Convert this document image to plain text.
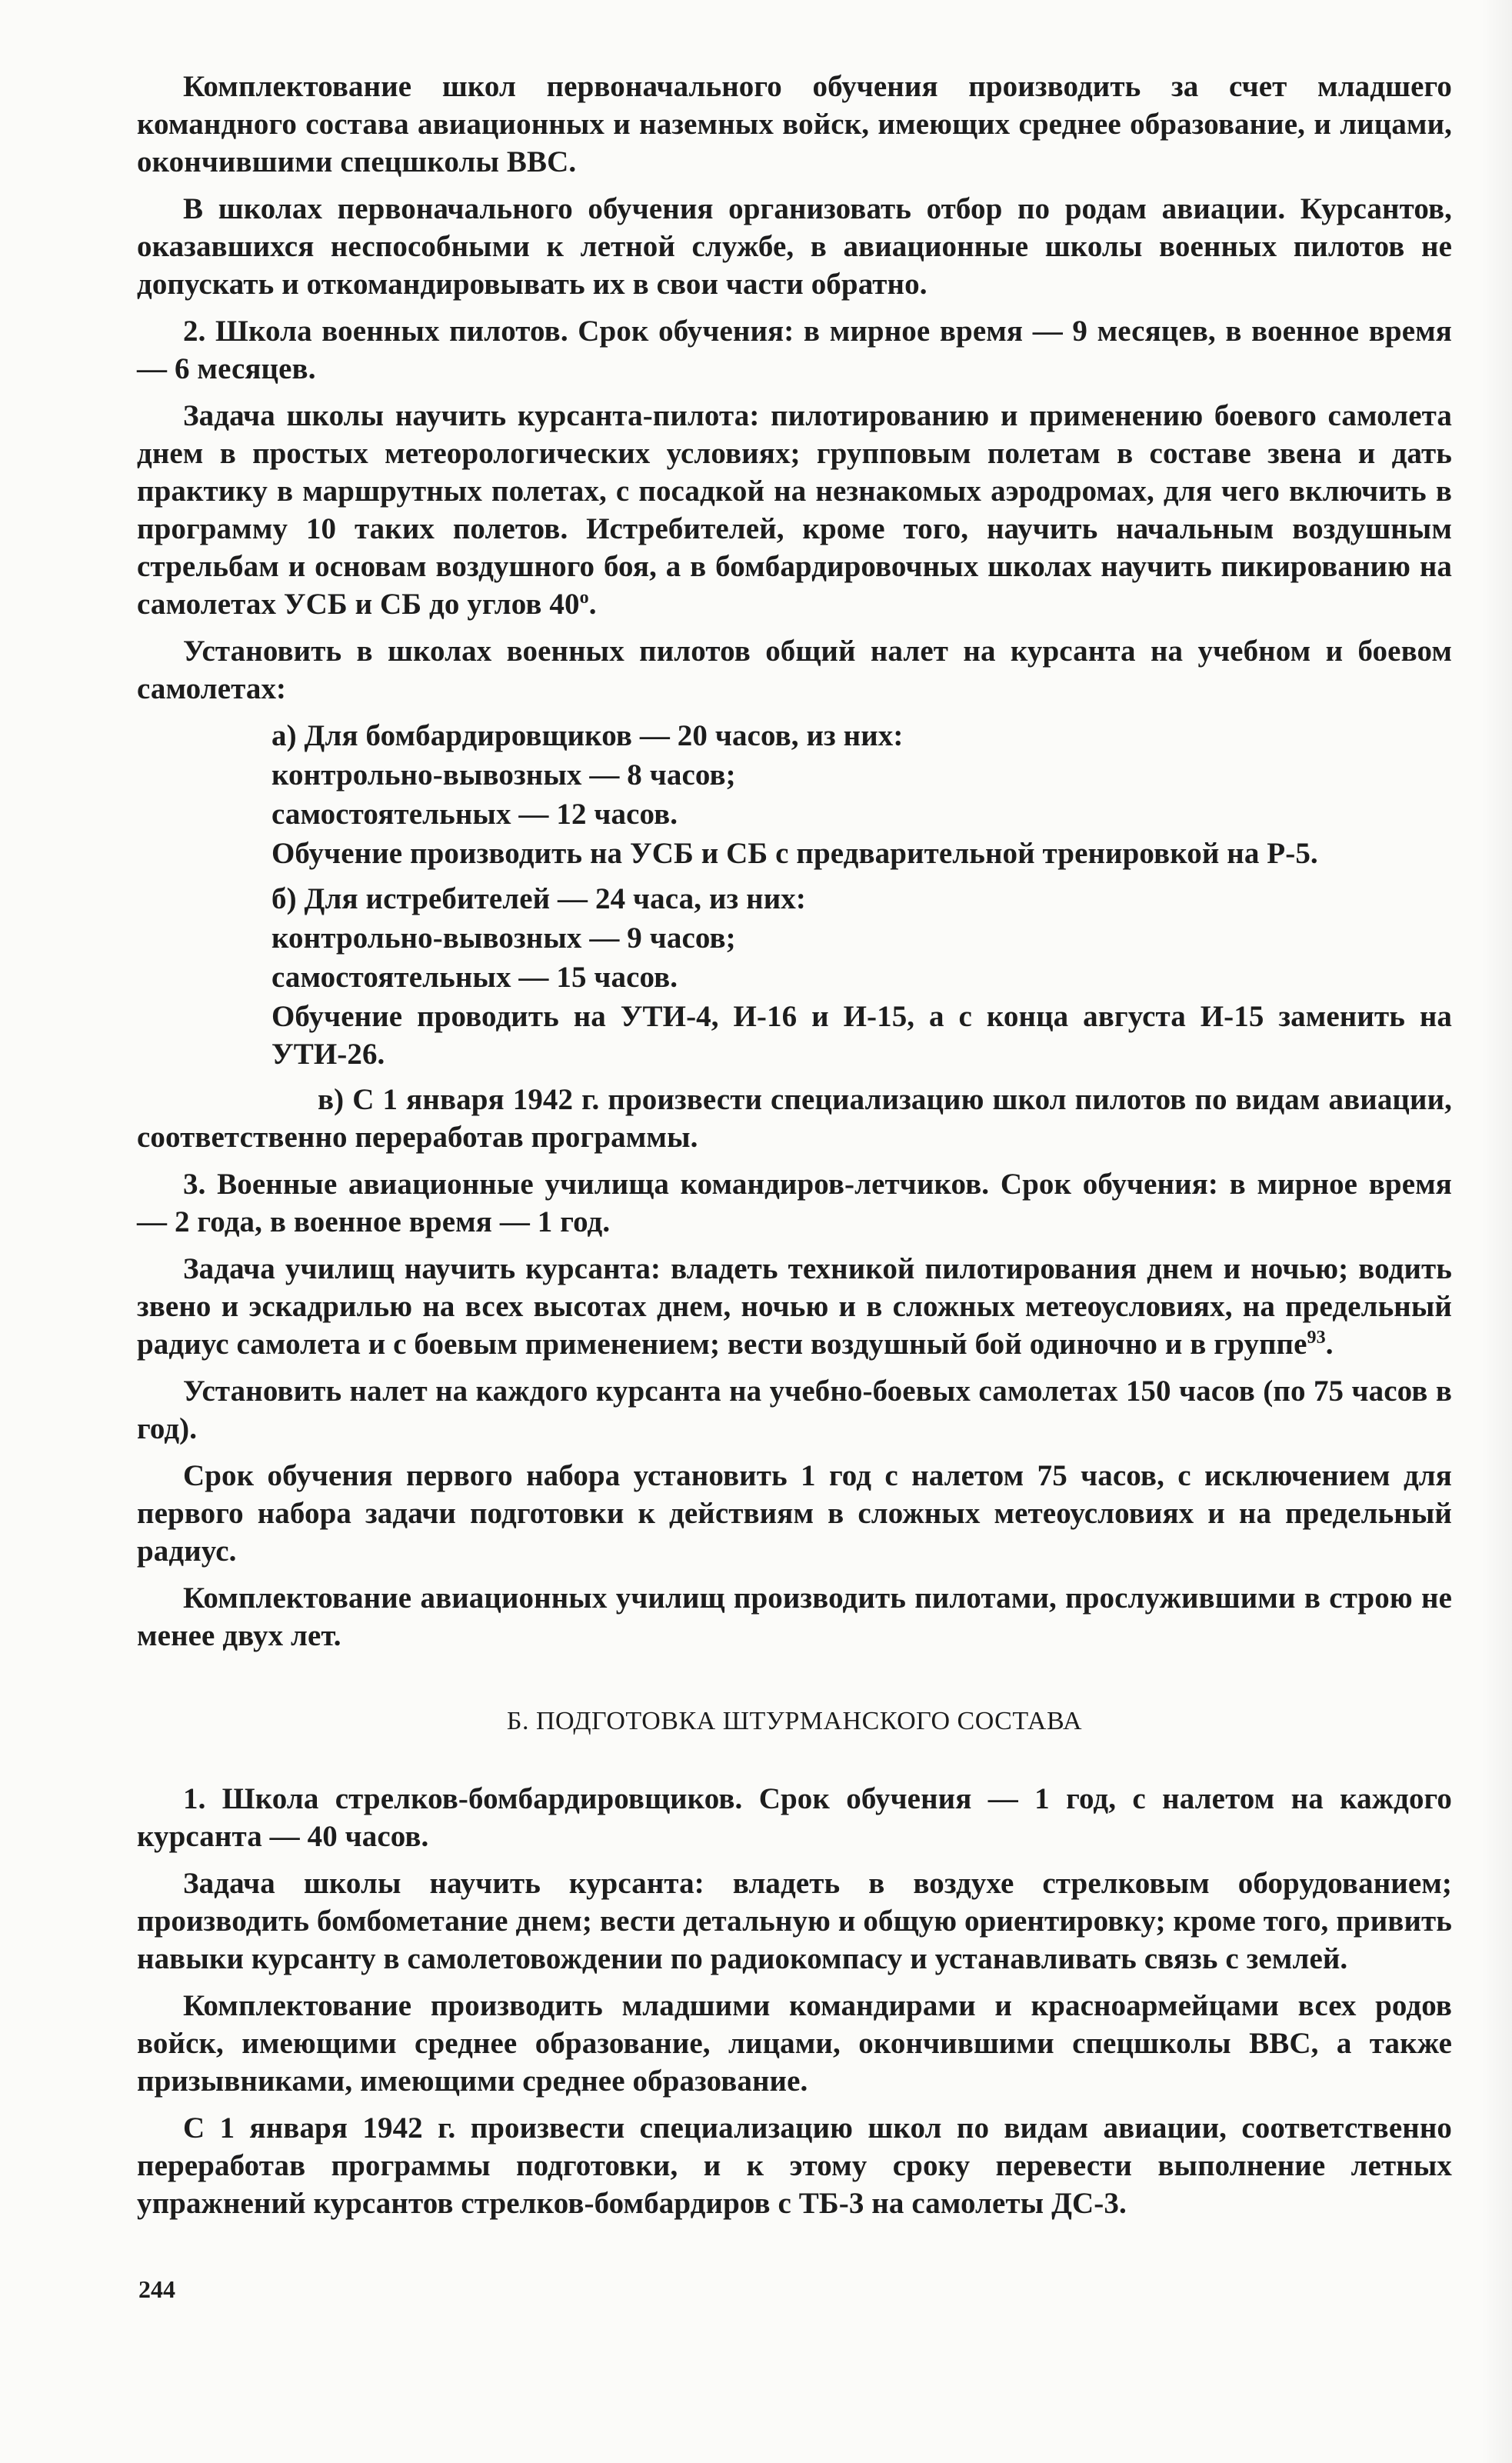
Комплектование школ первоначального обучения производить за счет младшего командного состава авиационных и наземных войск, имеющих среднее образование, и лицами, окончившими спецшколы ВВС.

В школах первоначального обучения организовать отбор по родам авиации. Курсантов, оказавшихся неспособными к летной службе, в авиационные школы военных пилотов не допускать и откомандировывать их в свои части обратно.

2. Школа военных пилотов. Срок обучения: в мирное время — 9 месяцев, в военное время — 6 месяцев.

Задача школы научить курсанта-пилота: пилотированию и применению боевого самолета днем в простых метеорологических условиях; групповым полетам в составе звена и дать практику в маршрутных полетах, с посадкой на незнакомых аэродромах, для чего включить в программу 10 таких полетов. Истребителей, кроме того, научить начальным воздушным стрельбам и основам воздушного боя, а в бомбардировочных школах научить пикированию на самолетах УСБ и СБ до углов $40^о$.

Установить в школах военных пилотов общий налет на курсанта на учебном и боевом самолетах:

а) Для бомбардировщиков — 20 часов, из них:

контрольно-вывозных — 8 часов;

самостоятельных — 12 часов.

Обучение производить на УСБ и СБ с предварительной тренировкой на Р-5.

б) Для истребителей — 24 часа, из них:

контрольно-вывозных — 9 часов;

самостоятельных — 15 часов.

Обучение проводить на УТИ-4, И-16 и И-15, а с конца августа И-15 заменить на УТИ-26.

в) С 1 января 1942 г. произвести специализацию школ пилотов по видам авиации, соответственно переработав программы.

3. Военные авиационные училища командиров-летчиков. Срок обучения: в мирное время — 2 года, в военное время — 1 год.

Задача училищ научить курсанта: владеть техникой пилотирования днем и ночью; водить звено и эскадрилью на всех высотах днем, ночью и в сложных метеоусловиях, на предельный радиус самолета и с боевым применением; вести воздушный бой одиночно и в группе$^{93}$.

Установить налет на каждого курсанта на учебно-боевых самолетах 150 часов (по 75 часов в год).

Срок обучения первого набора установить 1 год с налетом 75 часов, с исключением для первого набора задачи подготовки к действиям в сложных метеоусловиях и на предельный радиус.

Комплектование авиационных училищ производить пилотами, прослужившими в строю не менее двух лет.

Б. ПОДГОТОВКА ШТУРМАНСКОГО СОСТАВА

1. Школа стрелков-бомбардировщиков. Срок обучения — 1 год, с налетом на каждого курсанта — 40 часов.

Задача школы научить курсанта: владеть в воздухе стрелковым оборудованием; производить бомбометание днем; вести детальную и общую ориентировку; кроме того, привить навыки курсанту в самолетовождении по радиокомпасу и устанавливать связь с землей.

Комплектование производить младшими командирами и красноармейцами всех родов войск, имеющими среднее образование, лицами, окончившими спецшколы ВВС, а также призывниками, имеющими среднее образование.

С 1 января 1942 г. произвести специализацию школ по видам авиации, соответственно переработав программы подготовки, и к этому сроку перевести выполнение летных упражнений курсантов стрелков-бомбардиров с ТБ-3 на самолеты ДС-3.

244
